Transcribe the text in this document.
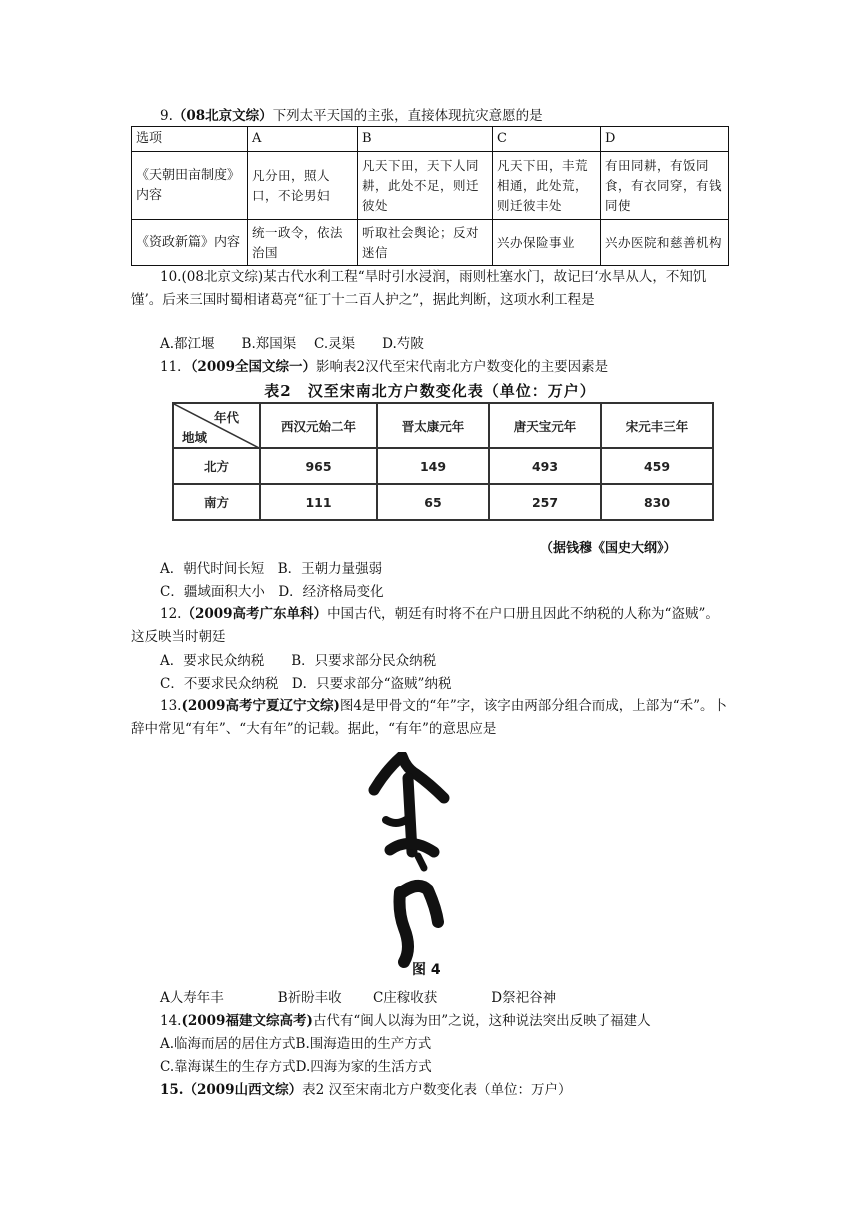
9.（08北京文综）下列太平天国的主张，直接体现抗灾意愿的是
选项	A	B	C	D
《天朝田亩制度》内容	凡分田，照人口，不论男妇	凡天下田，天下人同耕，此处不足，则迁彼处	凡天下田，丰荒相通，此处荒，则迁彼丰处	有田同耕，有饭同食，有衣同穿，有钱同使
《资政新篇》内容	统一政令，依法治国	听取社会舆论；反对迷信	兴办保险事业	兴办医院和慈善机构
10.(08北京文综)某古代水利工程“旱时引水浸润，雨则杜塞水门，故记曰‘水旱从人，不知饥馑’。后来三国时蜀相诸葛亮“征丁十二百人护之”，据此判断，这项水利工程是
A.都江堰　　B.郑国渠　 C.灵渠　　D.芍陂
11．（2009全国文综一）影响表2汉代至宋代南北方户数变化的主要因素是
表2　汉至宋南北方户数变化表（单位：万户）
年代
地域	西汉元始二年	晋太康元年	唐天宝元年	宋元丰三年
北方	965	149	493	459
南方	111	65	257	830
（据钱穆《国史大纲》）
A．朝代时间长短　B．王朝力量强弱
C．疆域面积大小　D．经济格局变化
12.（2009高考广东单科）中国古代，朝廷有时将不在户口册且因此不纳税的人称为“盗贼”。这反映当时朝廷
A．要求民众纳税　　B．只要求部分民众纳税
C．不要求民众纳税　D．只要求部分“盗贼”纳税
13.(2009高考宁夏辽宁文综)图4是甲骨文的“年”字，该字由两部分组合而成，上部为“禾”。卜辞中常见“有年”、“大有年”的记载。据此，“有年”的意思应是
图 4
A人寿年丰　　　　B祈盼丰收　　 C庄稼收获　　　　D祭祀谷神
14.(2009福建文综高考)古代有“闽人以海为田”之说，这种说法突出反映了福建人
A.临海而居的居住方式B.围海造田的生产方式
C.靠海谋生的生存方式D.四海为家的生活方式
15.（2009山西文综）表2 汉至宋南北方户数变化表（单位：万户）
